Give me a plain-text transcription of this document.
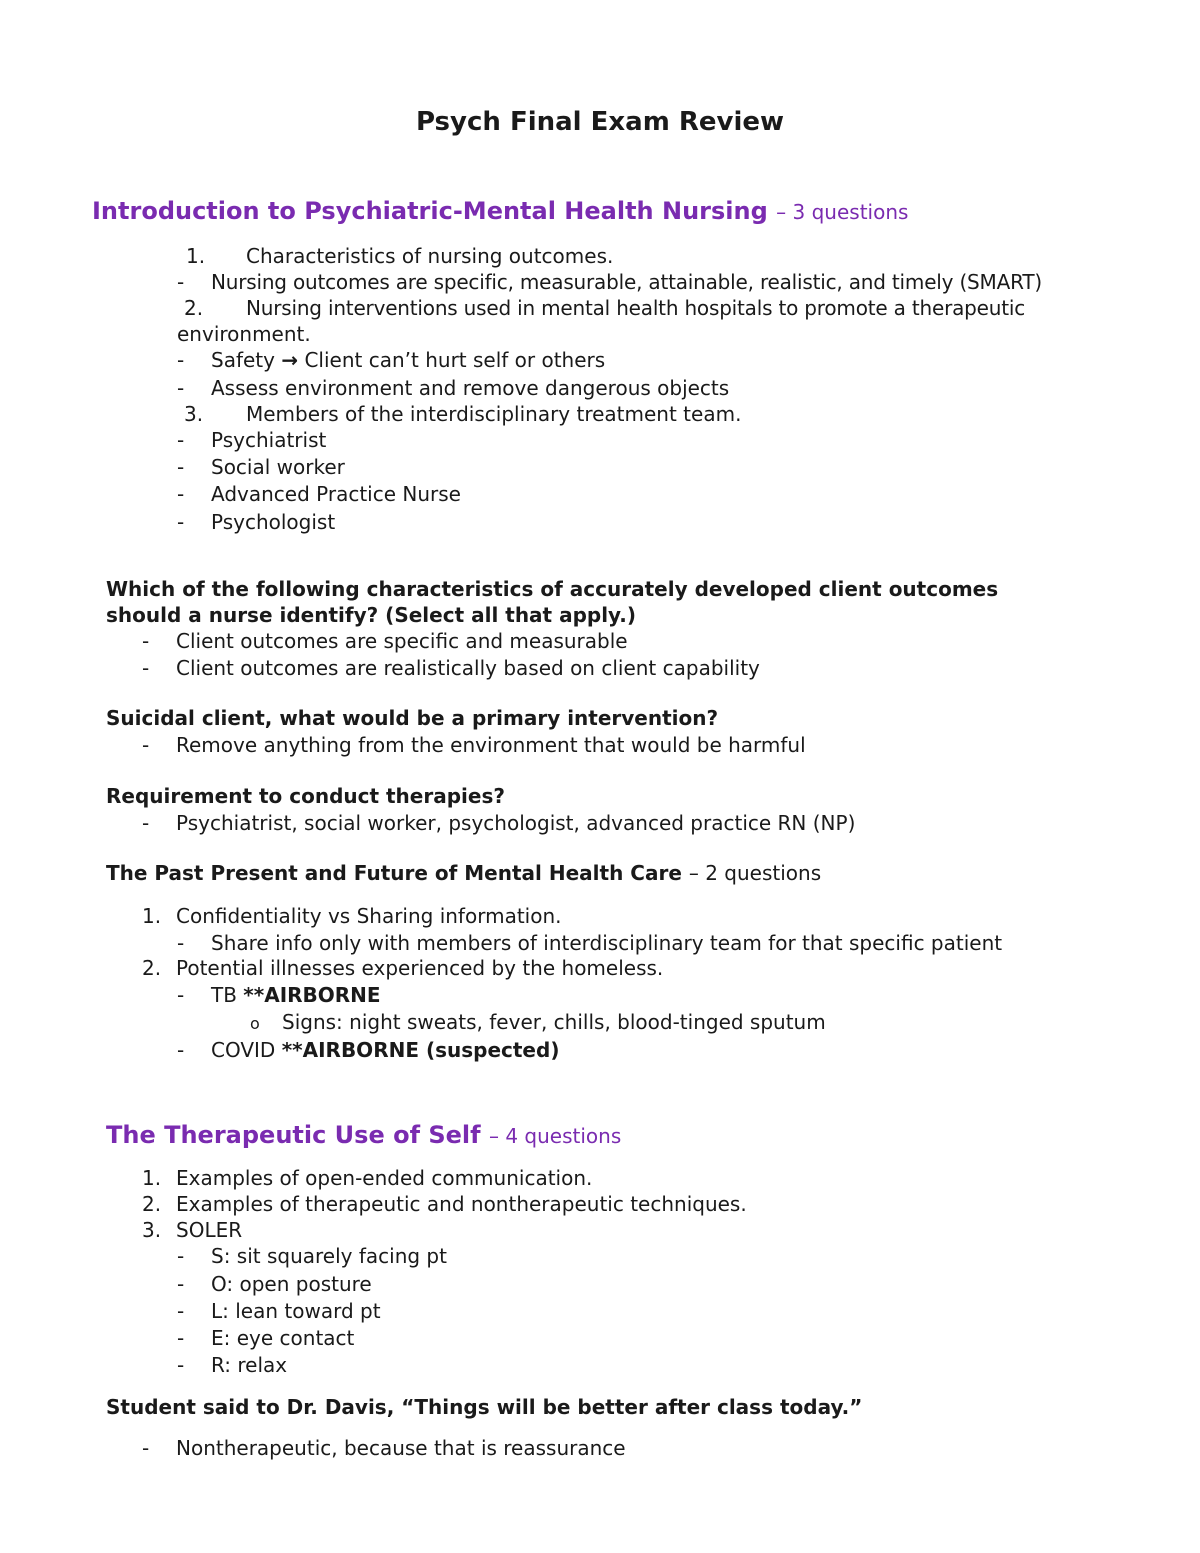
Psych Final Exam Review
Introduction to Psychiatric-Mental Health Nursing – 3 questions
1. Characteristics of nursing outcomes.
- Nursing outcomes are specific, measurable, attainable, realistic, and timely (SMART)
2. Nursing interventions used in mental health hospitals to promote a therapeutic
environment.
- Safety → Client can’t hurt self or others
- Assess environment and remove dangerous objects
3. Members of the interdisciplinary treatment team.
- Psychiatrist
- Social worker
- Advanced Practice Nurse
- Psychologist
Which of the following characteristics of accurately developed client outcomes
should a nurse identify? (Select all that apply.)
- Client outcomes are specific and measurable
- Client outcomes are realistically based on client capability
Suicidal client, what would be a primary intervention?
- Remove anything from the environment that would be harmful
Requirement to conduct therapies?
- Psychiatrist, social worker, psychologist, advanced practice RN (NP)
The Past Present and Future of Mental Health Care – 2 questions
1. Confidentiality vs Sharing information.
- Share info only with members of interdisciplinary team for that specific patient
2. Potential illnesses experienced by the homeless.
- TB **AIRBORNE
o Signs: night sweats, fever, chills, blood-tinged sputum
- COVID **AIRBORNE (suspected)
The Therapeutic Use of Self – 4 questions
1. Examples of open-ended communication.
2. Examples of therapeutic and nontherapeutic techniques.
3. SOLER
- S: sit squarely facing pt
- O: open posture
- L: lean toward pt
- E: eye contact
- R: relax
Student said to Dr. Davis, “Things will be better after class today.”
- Nontherapeutic, because that is reassurance
